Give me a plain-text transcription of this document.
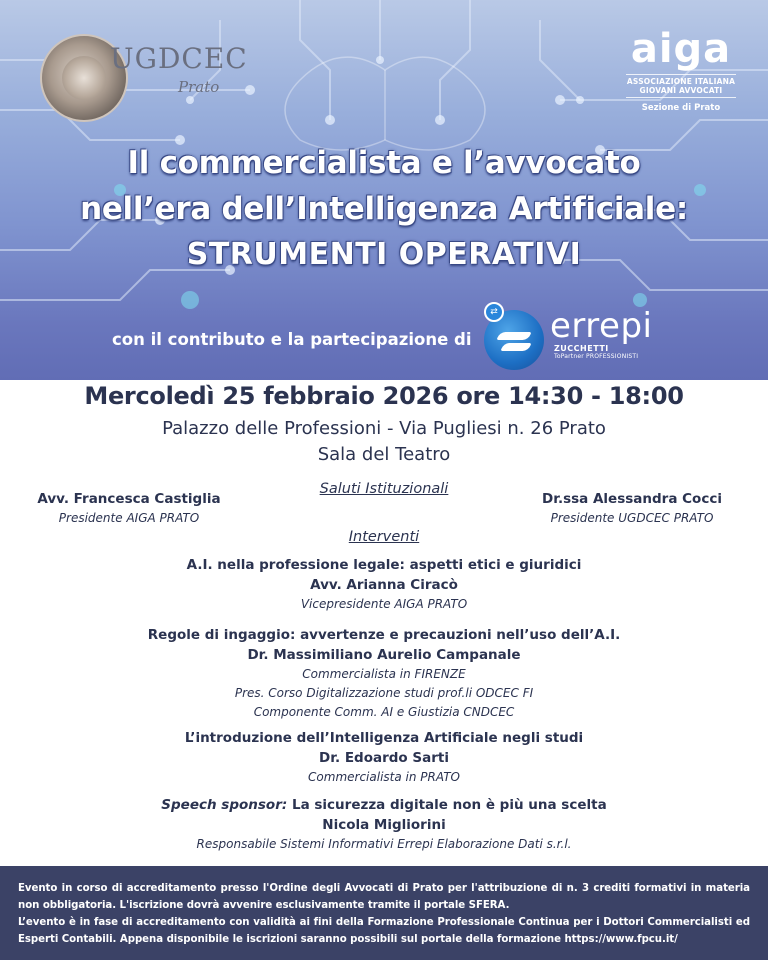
UGDCEC
Prato
aiga
ASSOCIAZIONE ITALIANA
GIOVANI AVVOCATI
Sezione di Prato
Il commercialista e l’avvocato
nell’era dell’Intelligenza Artificiale:
STRUMENTI OPERATIVI
con il contributo e la partecipazione di
⇄ errepi
ZUCCHETTI
ToPartner PROFESSIONISTI
Mercoledì 25 febbraio 2026 ore 14:30 - 18:00
Palazzo delle Professioni - Via Pugliesi n. 26 Prato
Sala del Teatro
Saluti Istituzionali
Avv. Francesca Castiglia
Presidente AIGA PRATO
Dr.ssa Alessandra Cocci
Presidente UGDCEC PRATO
Interventi
A.I. nella professione legale: aspetti etici e giuridici
Avv. Arianna Ciracò
Vicepresidente AIGA PRATO
Regole di ingaggio: avvertenze e precauzioni nell’uso dell’A.I.
Dr. Massimiliano Aurelio Campanale
Commercialista in FIRENZE
Pres. Corso Digitalizzazione studi prof.li ODCEC FI
Componente Comm. AI e Giustizia CNDCEC
L’introduzione dell’Intelligenza Artificiale negli studi
Dr. Edoardo Sarti
Commercialista in PRATO
Speech sponsor: La sicurezza digitale non è più una scelta
Nicola Migliorini
Responsabile Sistemi Informativi Errepi Elaborazione Dati s.r.l.

Evento in corso di accreditamento presso l'Ordine degli Avvocati di Prato per l'attribuzione di n. 3 crediti formativi in materia non obbligatoria. L'iscrizione dovrà avvenire esclusivamente tramite il portale SFERA.

L’evento è in fase di accreditamento con validità ai fini della Formazione Professionale Continua per i Dottori Commercialisti ed Esperti Contabili. Appena disponibile le iscrizioni saranno possibili sul portale della formazione https://www.fpcu.it/
